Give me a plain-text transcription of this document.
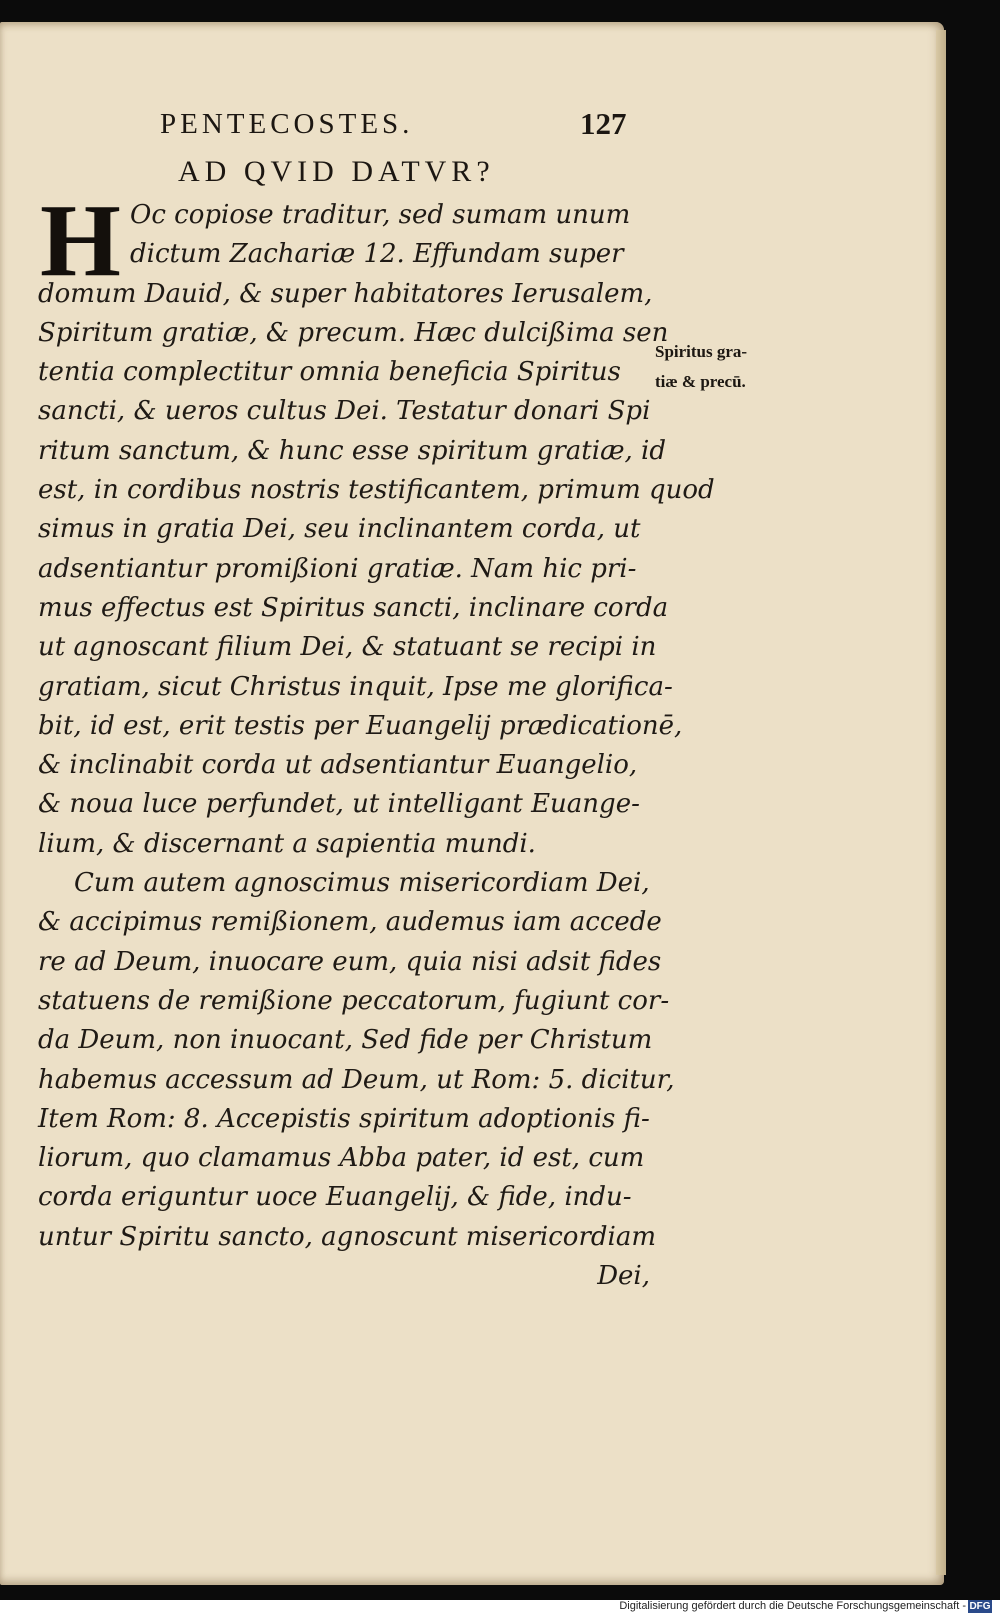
PENTECOSTES.	127
AD QVID DATVR?
H Oc copiose traditur, sed sumam unum
dictum Zachariæ 12. Effundam super
domum Dauid, & super habitatores Ierusalem,
Spiritum gratiæ, & precum. Hæc dulcißima sen
tentia complectitur omnia beneficia Spiritus
sancti, & ueros cultus Dei. Testatur donari Spi
ritum sanctum, & hunc esse spiritum gratiæ, id
est, in cordibus nostris testificantem, primum quod
simus in gratia Dei, seu inclinantem corda, ut
adsentiantur promißioni gratiæ. Nam hic pri-
mus effectus est Spiritus sancti, inclinare corda
ut agnoscant filium Dei, & statuant se recipi in
gratiam, sicut Christus inquit, Ipse me glorifica-
bit, id est, erit testis per Euangelij prædicationē,
& inclinabit corda ut adsentiantur Euangelio,
& noua luce perfundet, ut intelligant Euange-
lium, & discernant a sapientia mundi.
Cum autem agnoscimus misericordiam Dei,
& accipimus remißionem, audemus iam accede
re ad Deum, inuocare eum, quia nisi adsit fides
statuens de remißione peccatorum, fugiunt cor-
da Deum, non inuocant, Sed fide per Christum
habemus accessum ad Deum, ut Rom: 5. dicitur,
Item Rom: 8. Accepistis spiritum adoptionis fi-
liorum, quo clamamus Abba pater, id est, cum
corda eriguntur uoce Euangelij, & fide, indu-
untur Spiritu sancto, agnoscunt misericordiam
Dei,
Spiritus gra-
tiæ & precū.
Digitalisierung gefördert durch die Deutsche Forschungsgemeinschaft - DFG
